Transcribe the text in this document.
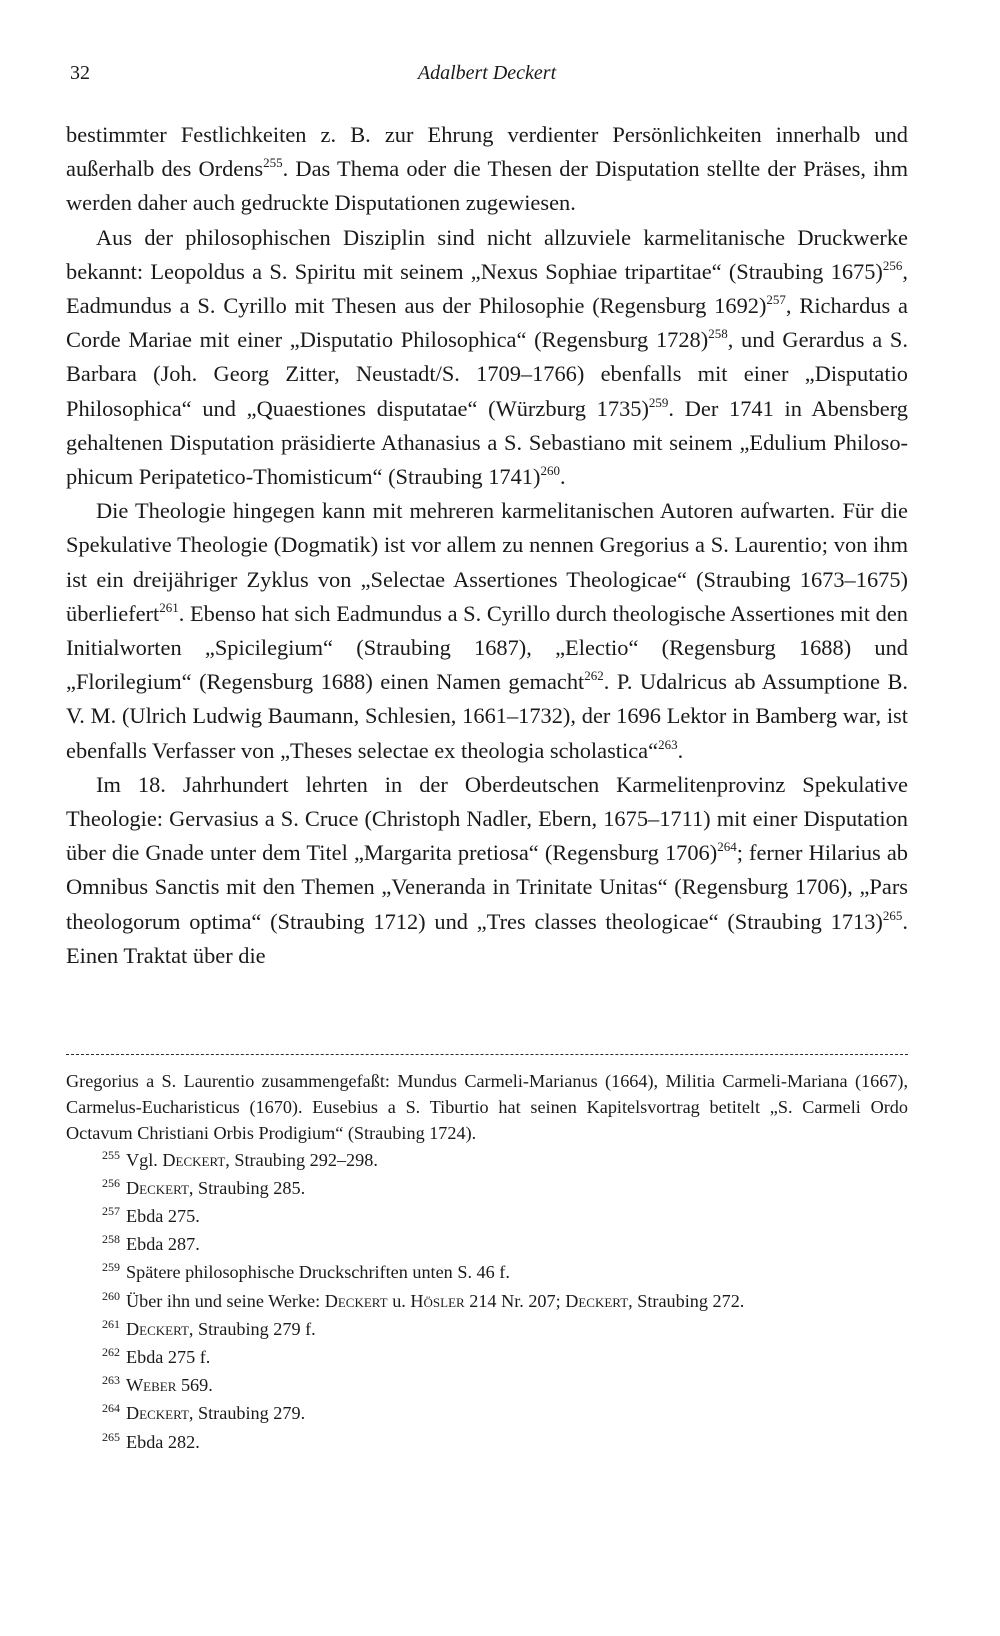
32	Adalbert Deckert

bestimmter Festlichkeiten z. B. zur Ehrung verdienter Persönlichkeiten innerhalb und außerhalb des Ordens$^{255}$. Das Thema oder die Thesen der Disputation stellte der Präses, ihm werden daher auch gedruckte Disputationen zugewiesen.

Aus der philosophischen Disziplin sind nicht allzuviele karmelitanische Druckwerke bekannt: Leopoldus a S. Spiritu mit seinem „Nexus Sophiae tripartitae“ (Straubing 1675)$^{256}$, Eadmundus a S. Cyrillo mit Thesen aus der Philosophie (Regensburg 1692)$^{257}$, Richardus a Corde Mariae mit einer „Disputatio Philosophica“ (Regensburg 1728)$^{258}$, und Gerardus a S. Barbara (Joh. Georg Zitter, Neustadt/S. 1709–1766) ebenfalls mit einer „Disputatio Philosophica“ und „Quaestiones disputatae“ (Würzburg 1735)$^{259}$. Der 1741 in Abensberg gehaltenen Disputation präsidierte Athanasius a S. Sebastiano mit seinem „Edulium Philosophicum Peripatetico-Thomisticum“ (Straubing 1741)$^{260}$.

Die Theologie hingegen kann mit mehreren karmelitanischen Autoren aufwarten. Für die Spekulative Theologie (Dogmatik) ist vor allem zu nennen Gregorius a S. Laurentio; von ihm ist ein dreijähriger Zyklus von „Selectae Assertiones Theologicae“ (Straubing 1673–1675) überliefert$^{261}$. Ebenso hat sich Eadmundus a S. Cyrillo durch theologische Assertiones mit den Initialworten „Spicilegium“ (Straubing 1687), „Electio“ (Regensburg 1688) und „Florilegium“ (Regensburg 1688) einen Namen gemacht$^{262}$. P. Udalricus ab Assumptione B. V. M. (Ulrich Ludwig Baumann, Schlesien, 1661–1732), der 1696 Lektor in Bamberg war, ist ebenfalls Verfasser von „Theses selectae ex theologia scholastica“$^{263}$.

Im 18. Jahrhundert lehrten in der Oberdeutschen Karmelitenprovinz Spekulative Theologie: Gervasius a S. Cruce (Christoph Nadler, Ebern, 1675–1711) mit einer Disputation über die Gnade unter dem Titel „Margarita pretiosa“ (Regensburg 1706)$^{264}$; ferner Hilarius ab Omnibus Sanctis mit den Themen „Veneranda in Trinitate Unitas“ (Regensburg 1706), „Pars theologorum optima“ (Straubing 1712) und „Tres classes theologicae“ (Straubing 1713)$^{265}$. Einen Traktat über die

Gregorius a S. Laurentio zusammengefaßt: Mundus Carmeli-Marianus (1664), Militia Carmeli-Mariana (1667), Carmelus-Eucharisticus (1670). Eusebius a S. Tiburtio hat seinen Kapitelsvortrag betitelt „S. Carmeli Ordo Octavum Christiani Orbis Prodigium“ (Straubing 1724).

255 Vgl. Deckert, Straubing 292–298.
256 Deckert, Straubing 285.
257 Ebda 275.
258 Ebda 287.
259 Spätere philosophische Druckschriften unten S. 46 f.
260 Über ihn und seine Werke: Deckert u. Hösler 214 Nr. 207; Deckert, Straubing 272.
261 Deckert, Straubing 279 f.
262 Ebda 275 f.
263 Weber 569.
264 Deckert, Straubing 279.
265 Ebda 282.
